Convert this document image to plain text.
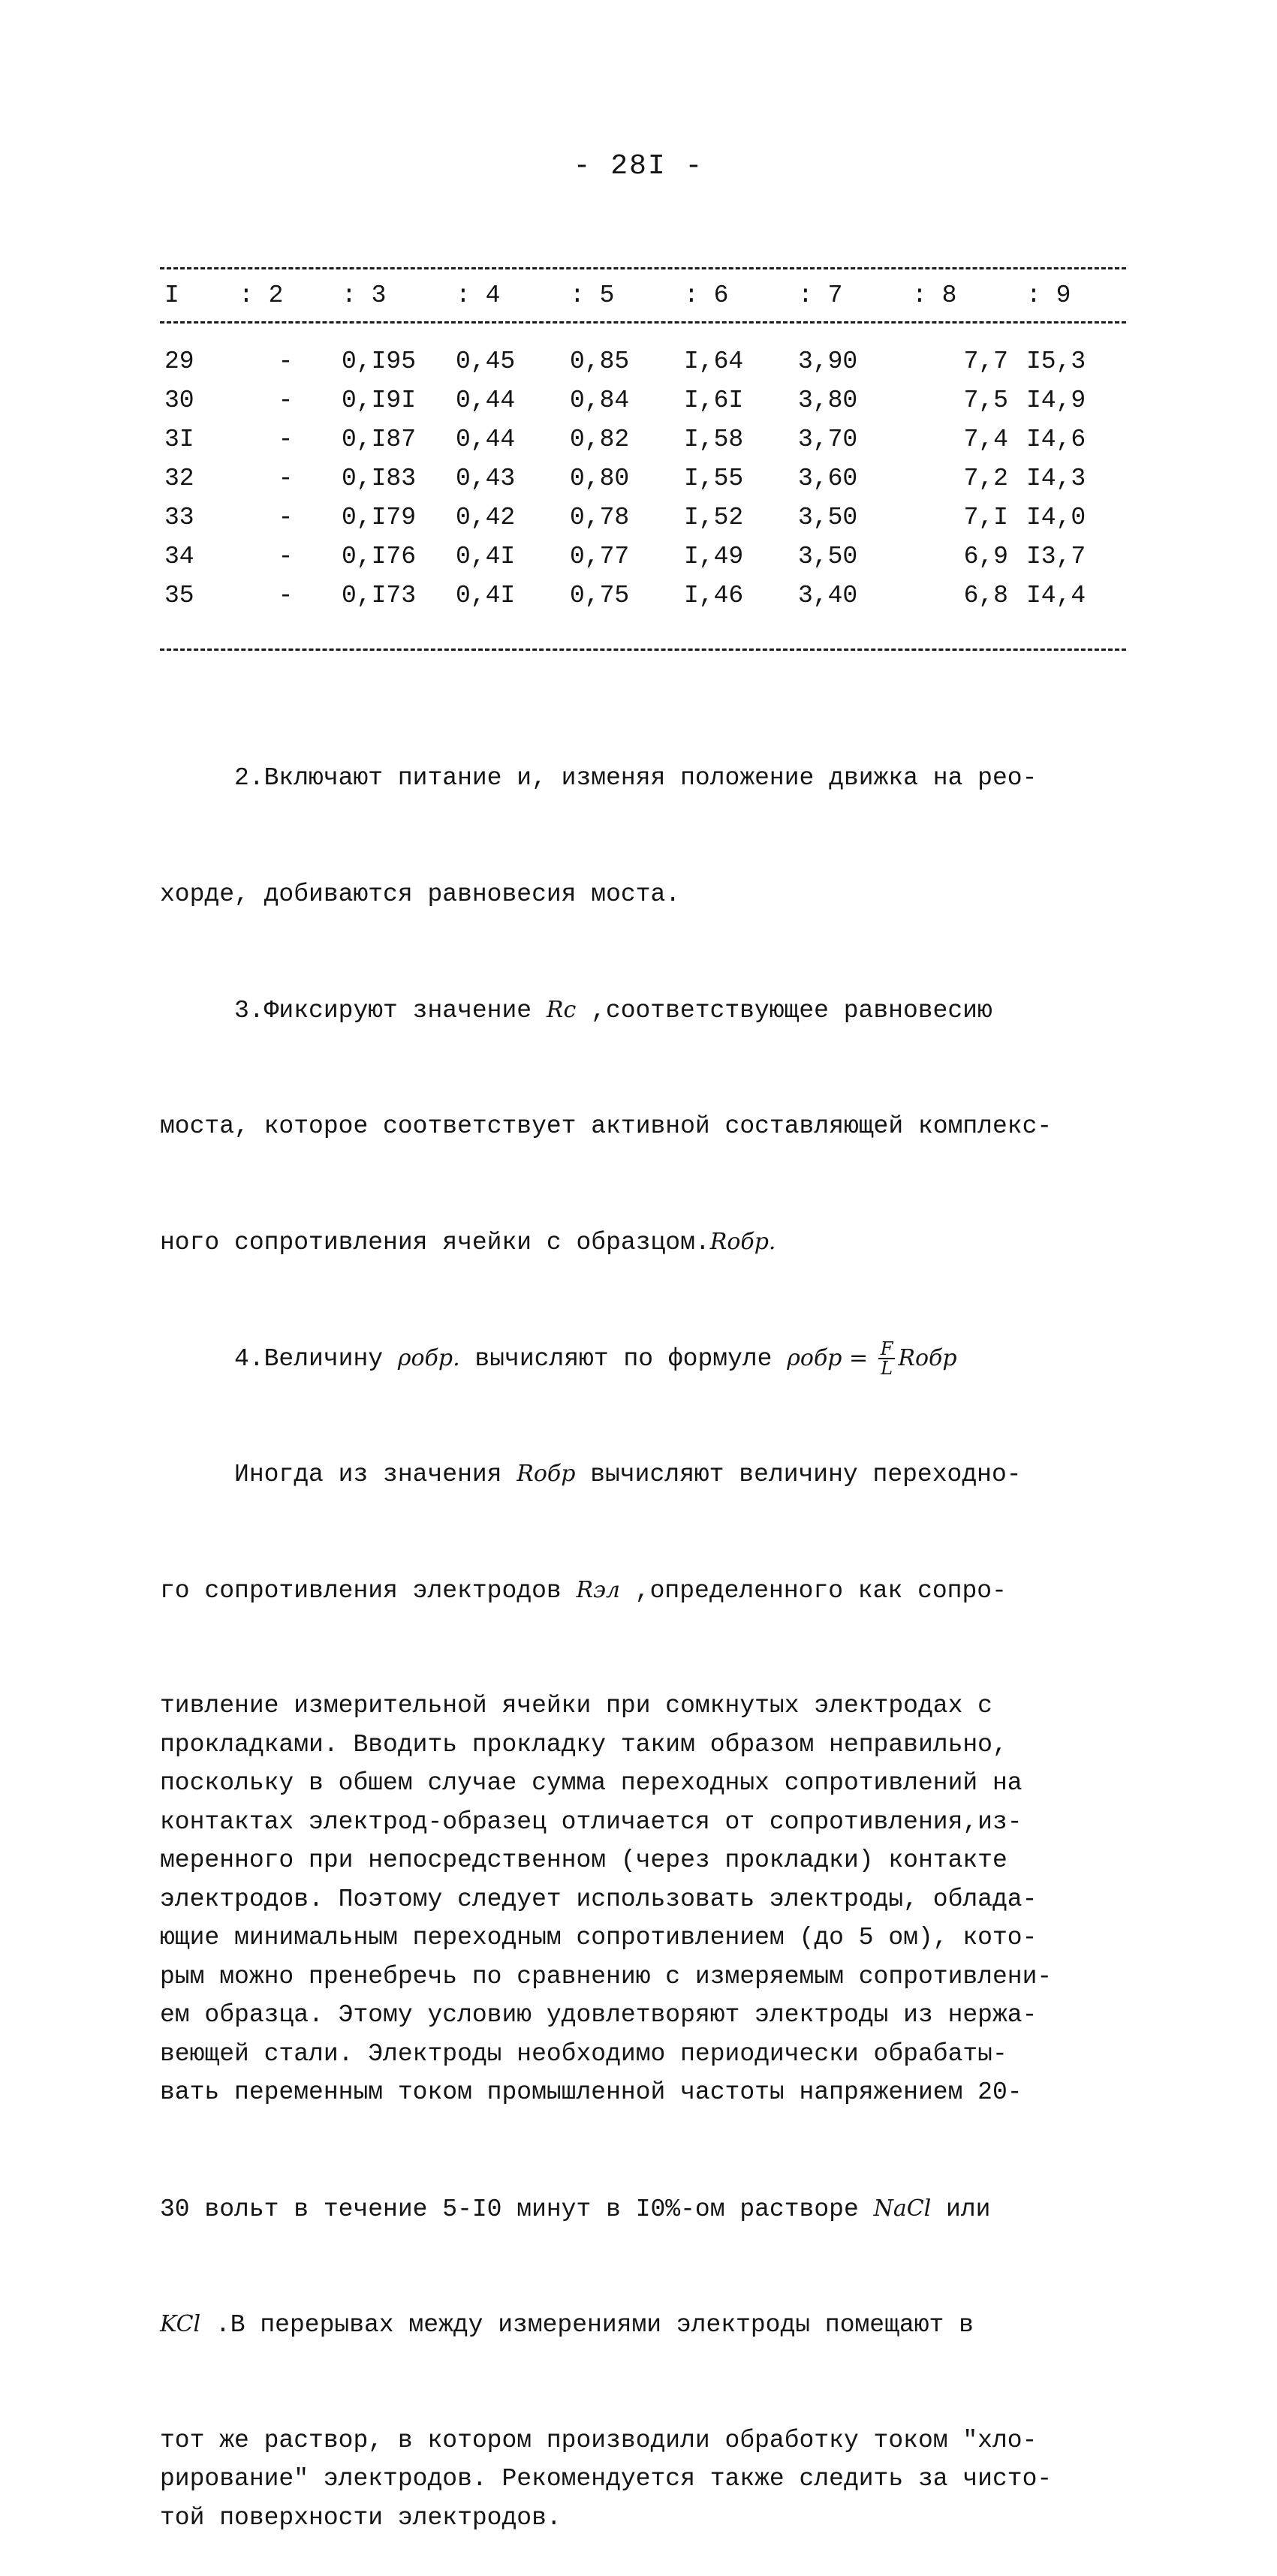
- 28I -
I	: 2	: 3	: 4	: 5	: 6	: 7	: 8	: 9
29	-	0,I95	0,45	0,85	I,64	3,90	7,7 I5,3
30	-	0,I9I	0,44	0,84	I,6I	3,80	7,5 I4,9
3I	-	0,I87	0,44	0,82	I,58	3,70	7,4 I4,6
32	-	0,I83	0,43	0,80	I,55	3,60	7,2 I4,3
33	-	0,I79	0,42	0,78	I,52	3,50	7,I I4,0
34	-	0,I76	0,4I	0,77	I,49	3,50	6,9 I3,7
35	-	0,I73	0,4I	0,75	I,46	3,40	6,8 I4,4

2.Включают питание и, изменяя положение движка на рео-

хорде, добиваются равновесия моста.

3.Фиксируют значение Rc ,соответствующее равновесию

моста, которое соответствует активной составляющей комплекс-

ного сопротивления ячейки с образцом.Rобр.

4.Величину ρобр. вычисляют по формуле $\rho обр = \frac{F}{L}$ Rобр

Иногда из значения Rобр вычисляют величину переходно-

го сопротивления электродов Rэл ,определенного как сопро-

тивление измерительной ячейки при сомкнутых электродах с
прокладками. Вводить прокладку таким образом неправильно,
поскольку в обшем случае сумма переходных сопротивлений на
контактах электрод-образец отличается от сопротивления,из-
меренного при непосредственном (через прокладки) контакте
электродов. Поэтому следует использовать электроды, облада-
ющие минимальным переходным сопротивлением (до 5 ом), кото-
рым можно пренебречь по сравнению с измеряемым сопротивлени-
ем образца. Этому условию удовлетворяют электроды из нержа-
веющей стали. Электроды необходимо периодически обрабаты-
вать переменным током промышленной частоты напряжением 20-

30 вольт в течение 5-I0 минут в I0%-ом растворе NaCl или

KCl .В перерывах между измерениями электроды помещают в

тот же раствор, в котором производили обработку током "хло-
рирование" электродов. Рекомендуется также следить за чисто-
той поверхности электродов.
